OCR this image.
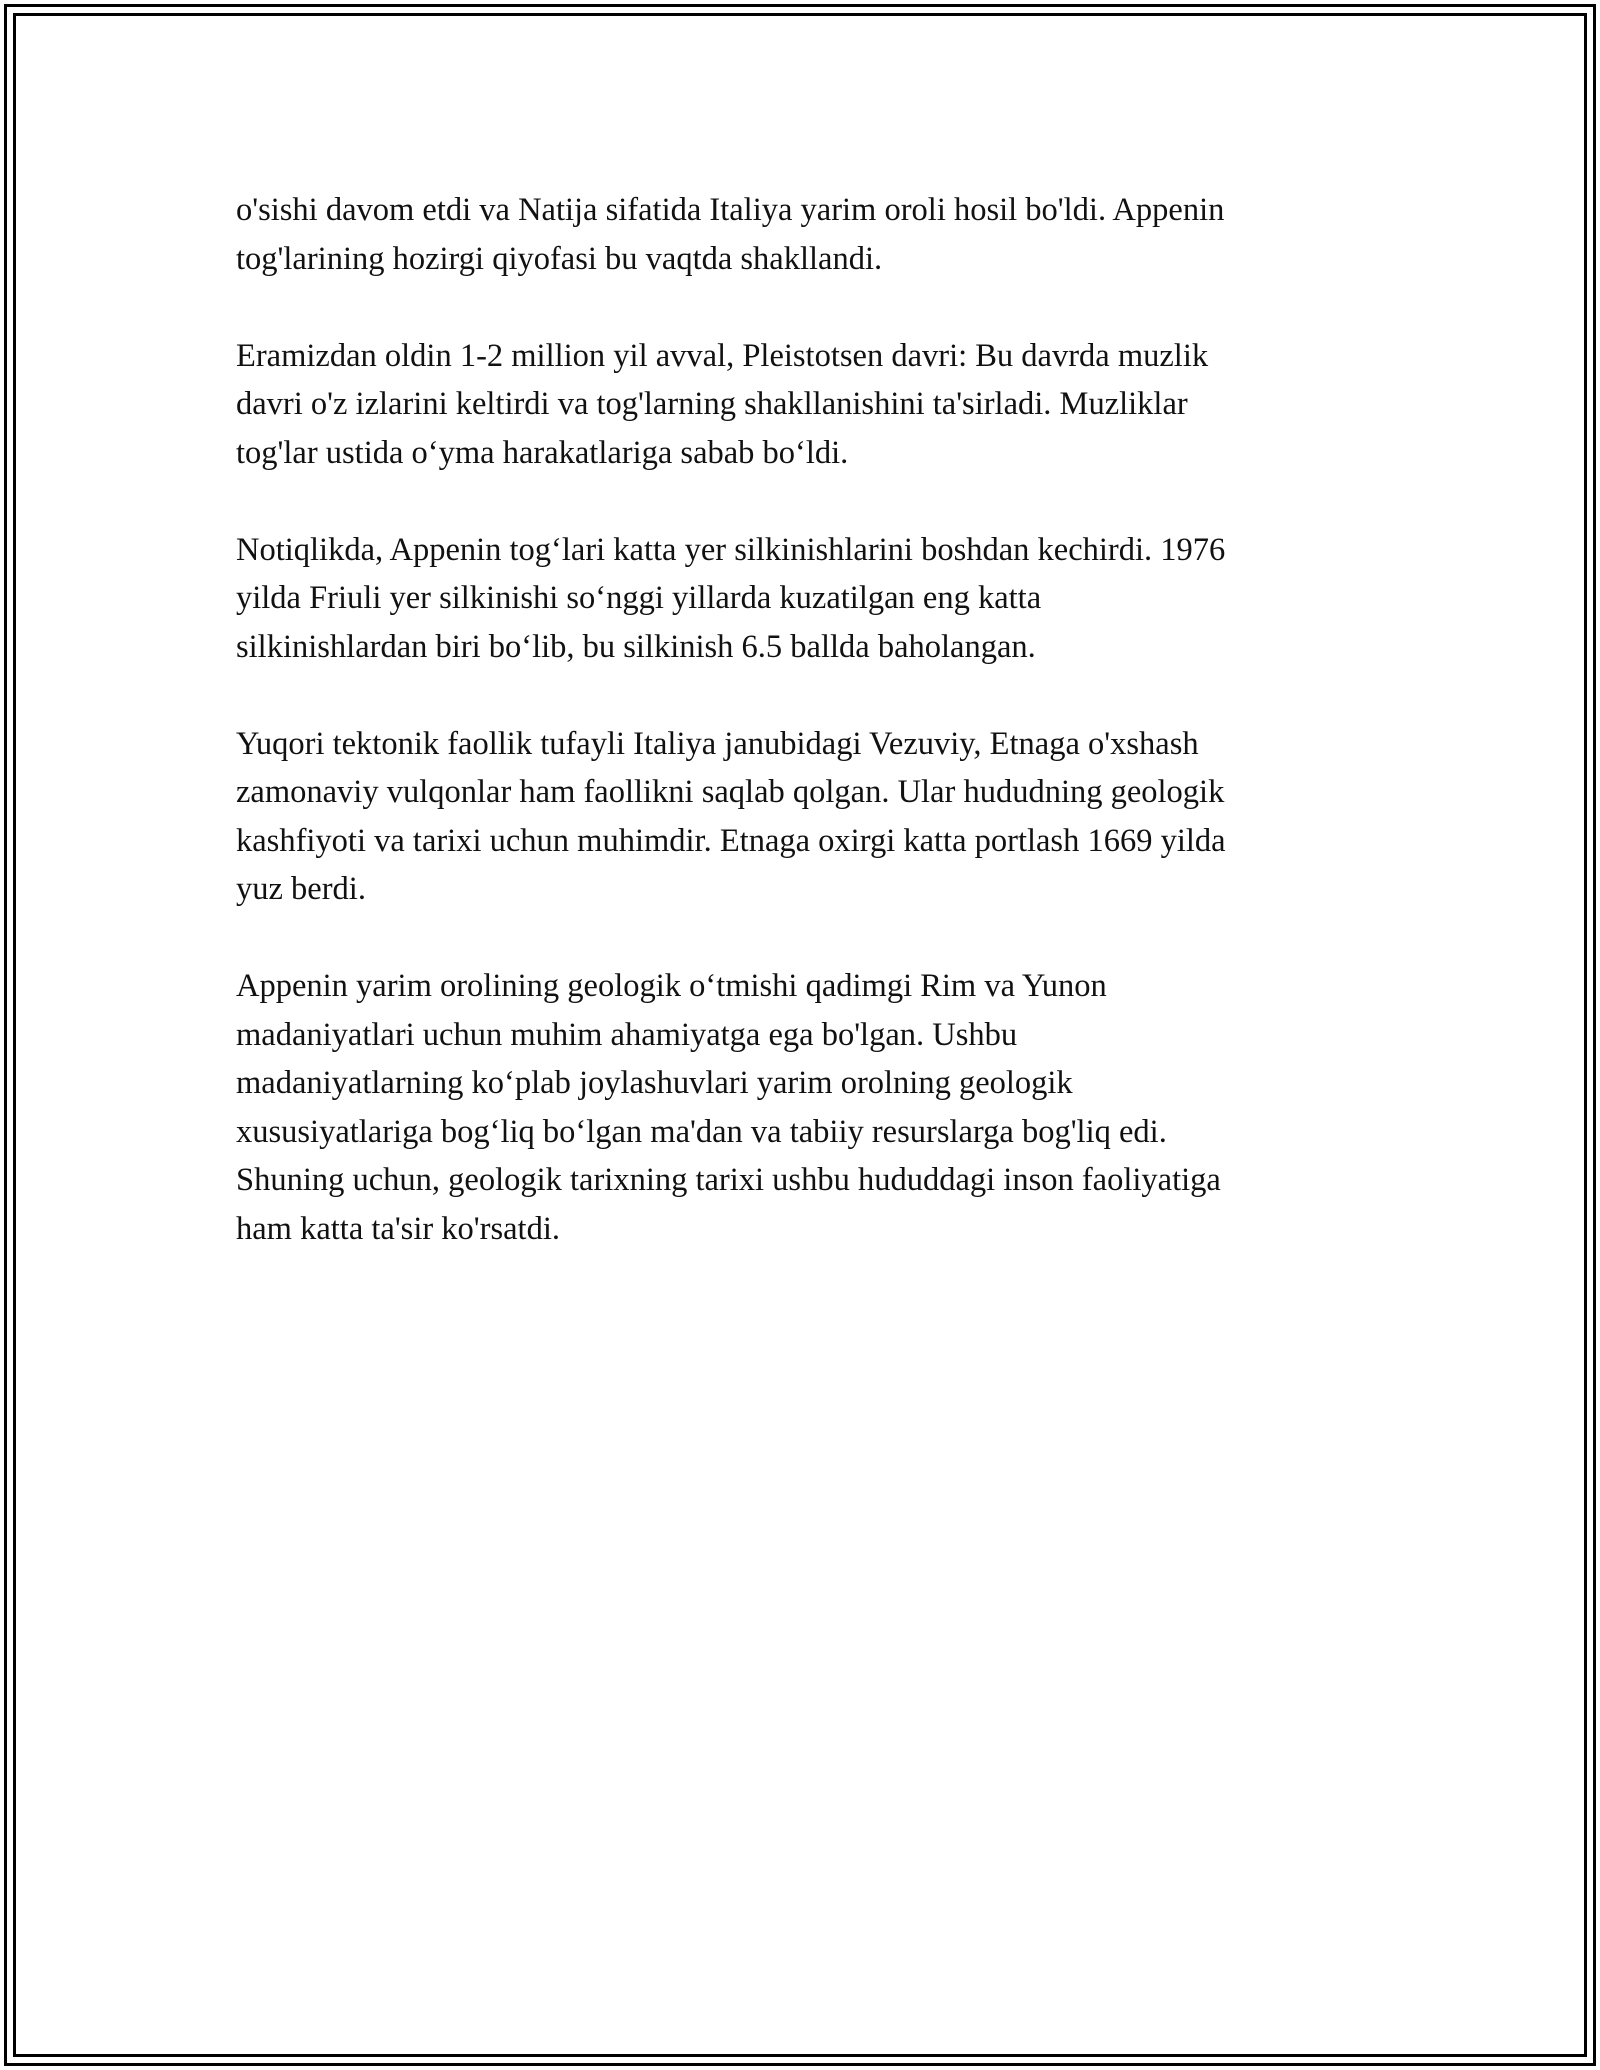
o'sishi davom etdi va Natija sifatida Italiya yarim oroli hosil bo'ldi. Appenin
tog'larining hozirgi qiyofasi bu vaqtda shakllandi.

Eramizdan oldin 1-2 million yil avval, Pleistotsen davri: Bu davrda muzlik
davri o'z izlarini keltirdi va tog'larning shakllanishini ta'sirladi. Muzliklar
tog'lar ustida o‘yma harakatlariga sabab bo‘ldi.

Notiqlikda, Appenin tog‘lari katta yer silkinishlarini boshdan kechirdi. 1976
yilda Friuli yer silkinishi so‘nggi yillarda kuzatilgan eng katta
silkinishlardan biri bo‘lib, bu silkinish 6.5 ballda baholangan.

Yuqori tektonik faollik tufayli Italiya janubidagi Vezuviy, Etnaga o'xshash
zamonaviy vulqonlar ham faollikni saqlab qolgan. Ular hududning geologik
kashfiyoti va tarixi uchun muhimdir. Etnaga oxirgi katta portlash 1669 yilda
yuz berdi.

Appenin yarim orolining geologik o‘tmishi qadimgi Rim va Yunon
madaniyatlari uchun muhim ahamiyatga ega bo'lgan. Ushbu
madaniyatlarning ko‘plab joylashuvlari yarim orolning geologik
xususiyatlariga bog‘liq bo‘lgan ma'dan va tabiiy resurslarga bog'liq edi.
Shuning uchun, geologik tarixning tarixi ushbu hududdagi inson faoliyatiga
ham katta ta'sir ko'rsatdi.
